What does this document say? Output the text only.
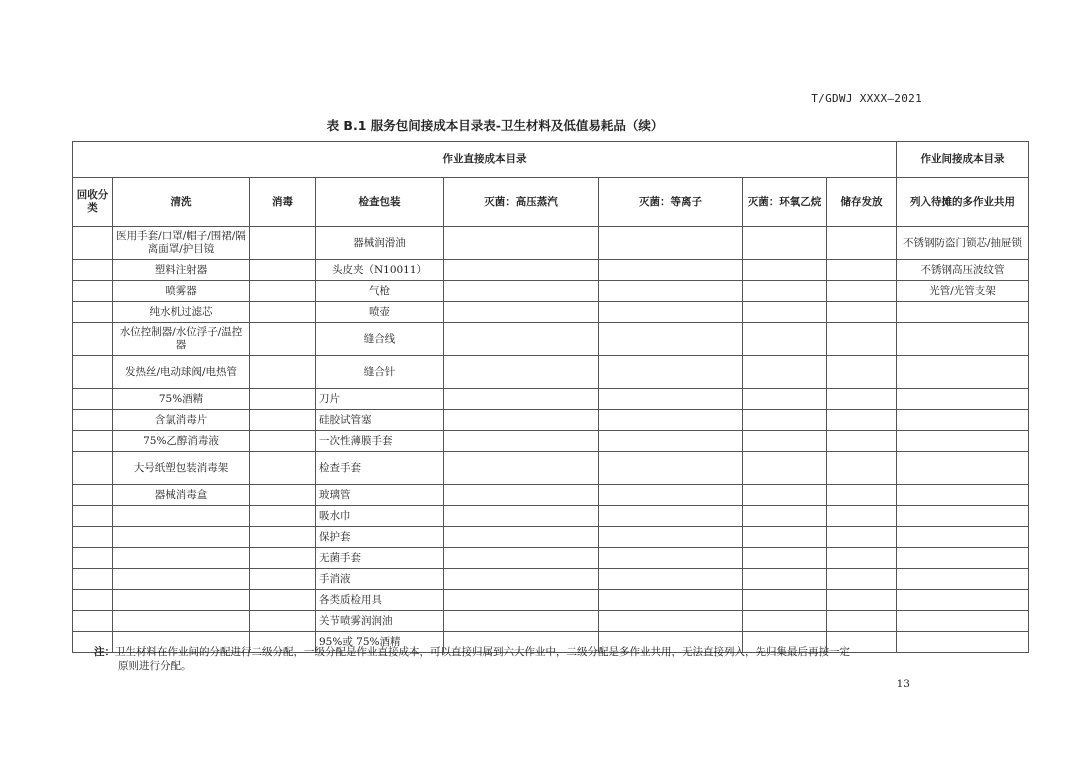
T/GDWJ XXXX—2021
表 B.1 服务包间接成本目录表-卫生材料及低值易耗品（续）
作业直接成本目录								作业间接成本目录
回收分类	清洗	消毒	检查包装	灭菌：高压蒸汽	灭菌：等离子	灭菌：环氧乙烷	储存发放	列入待摊的多作业共用
	医用手套/口罩/帽子/围裙/隔离面罩/护目镜		器械润滑油					不锈钢防盗门锁芯/抽屉锁
	塑料注射器		头皮夹（N10011）					不锈钢高压波纹管
	喷雾器		气枪					光管/光管支架
	纯水机过滤芯		喷壶					
	水位控制器/水位浮子/温控器		缝合线					
	发热丝/电动球阀/电热管		缝合针					
	75%酒精		刀片					
	含氯消毒片		硅胶试管塞					
	75%乙醇消毒液		一次性薄膜手套					
	大号纸塑包装消毒架		检查手套					
	器械消毒盒		玻璃管					
			吸水巾					
			保护套					
			无菌手套					
			手消液					
			各类质检用具					
			关节喷雾润润油					
			95%或 75%酒精					
注：卫生材料在作业间的分配进行二级分配，一级分配是作业直接成本，可以直接归属到六大作业中，二级分配是多作业共用，无法直接列入，先归集最后再按一定
原则进行分配。
13
